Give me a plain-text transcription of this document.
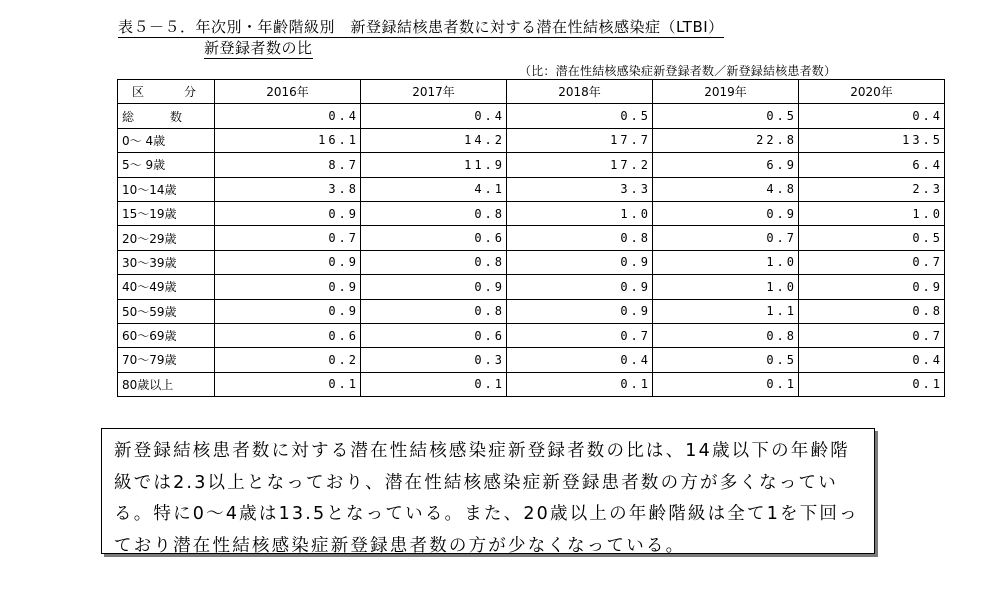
表５－５．年次別・年齢階級別　新登録結核患者数に対する潜在性結核感染症（LTBI）
新登録者数の比
（比：潜在性結核感染症新登録者数／新登録結核患者数）
区　分	2016年	2017年	2018年	2019年	2020年
総　数	0.4	0.4	0.5	0.5	0.4
0～ 4歳	16.1	14.2	17.7	22.8	13.5
5～ 9歳	8.7	11.9	17.2	6.9	6.4
10～14歳	3.8	4.1	3.3	4.8	2.3
15～19歳	0.9	0.8	1.0	0.9	1.0
20～29歳	0.7	0.6	0.8	0.7	0.5
30～39歳	0.9	0.8	0.9	1.0	0.7
40～49歳	0.9	0.9	0.9	1.0	0.9
50～59歳	0.9	0.8	0.9	1.1	0.8
60～69歳	0.6	0.6	0.7	0.8	0.7
70～79歳	0.2	0.3	0.4	0.5	0.4
80歳以上	0.1	0.1	0.1	0.1	0.1
新登録結核患者数に対する潜在性結核感染症新登録者数の比は、14歳以下の年齢階級では2.3以上となっており、潜在性結核感染症新登録患者数の方が多くなっている。特に0～4歳は13.5となっている。また、20歳以上の年齢階級は全て1を下回っており潜在性結核感染症新登録患者数の方が少なくなっている。
